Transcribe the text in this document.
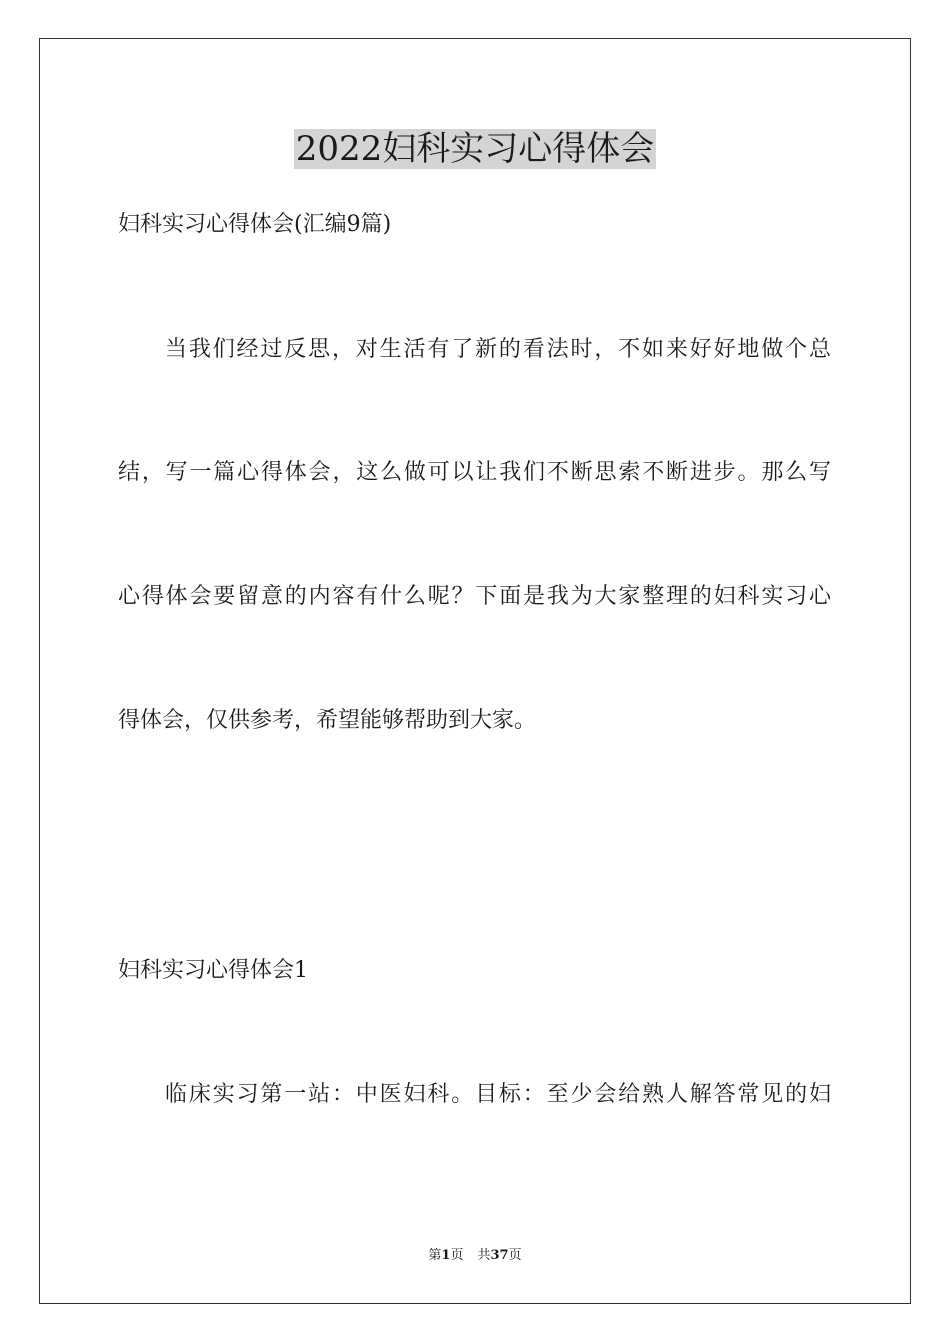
2022妇科实习心得体会
妇科实习心得体会(汇编9篇)
当我们经过反思，对生活有了新的看法时，不如来好好地做个总
结，写一篇心得体会，这么做可以让我们不断思索不断进步。那么写
心得体会要留意的内容有什么呢？下面是我为大家整理的妇科实习心
得体会，仅供参考，希望能够帮助到大家。
妇科实习心得体会1
临床实习第一站：中医妇科。目标：至少会给熟人解答常见的妇
第1页 共37页
